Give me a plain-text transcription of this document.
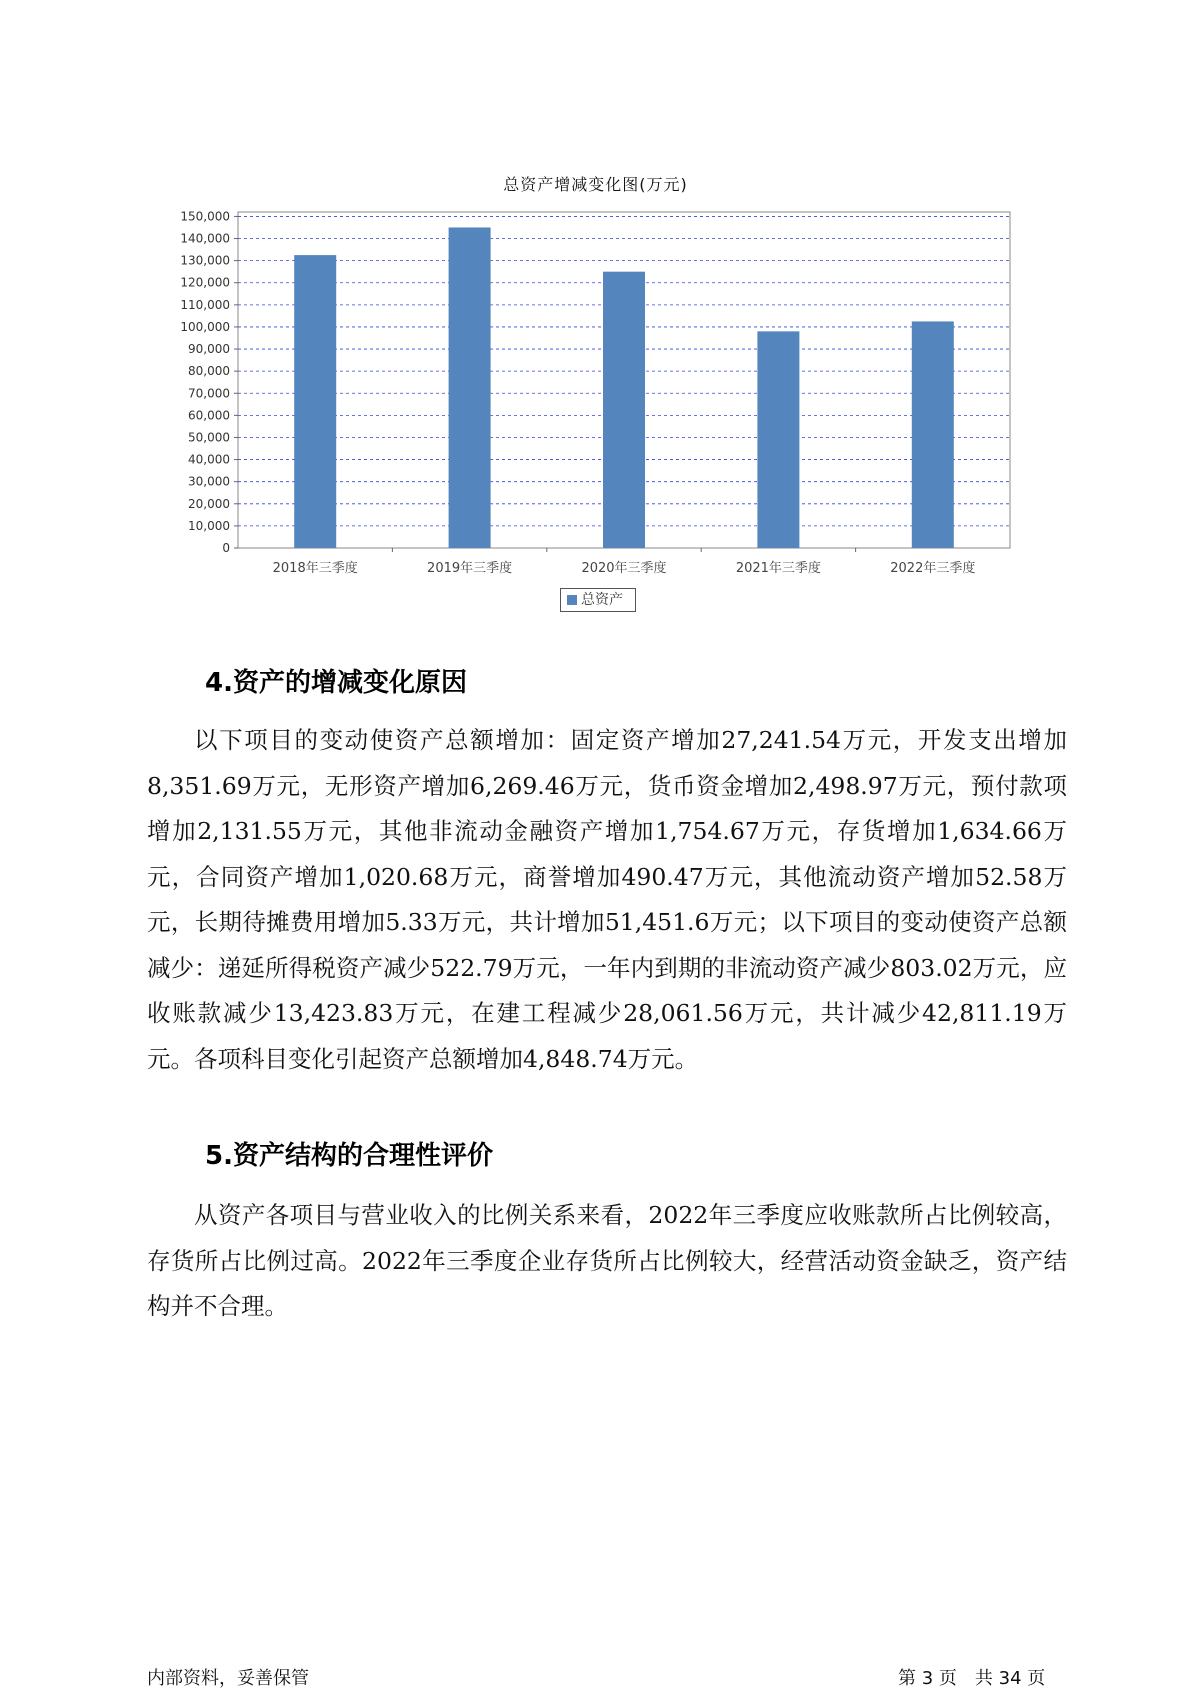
总资产增减变化图(万元)
0
10,000
20,000
30,000
40,000
50,000
60,000
70,000
80,000
90,000
100,000
110,000
120,000
130,000
140,000
150,000
2018年三季度	2019年三季度	2020年三季度	2021年三季度	2022年三季度
总资产
4.资产的增减变化原因

以下项目的变动使资产总额增加：固定资产增加27,241.54万元，开发支出增加8,351.69万元，无形资产增加6,269.46万元，货币资金增加2,498.97万元，预付款项增加2,131.55万元，其他非流动金融资产增加1,754.67万元，存货增加1,634.66万元，合同资产增加1,020.68万元，商誉增加490.47万元，其他流动资产增加52.58万元，长期待摊费用增加5.33万元，共计增加51,451.6万元；以下项目的变动使资产总额减少：递延所得税资产减少522.79万元，一年内到期的非流动资产减少803.02万元，应收账款减少13,423.83万元，在建工程减少28,061.56万元，共计减少42,811.19万元。各项科目变化引起资产总额增加4,848.74万元。

5.资产结构的合理性评价

从资产各项目与营业收入的比例关系来看，2022年三季度应收账款所占比例较高，存货所占比例过高。2022年三季度企业存货所占比例较大，经营活动资金缺乏，资产结构并不合理。

内部资料，妥善保管	第 3 页　共 34 页
